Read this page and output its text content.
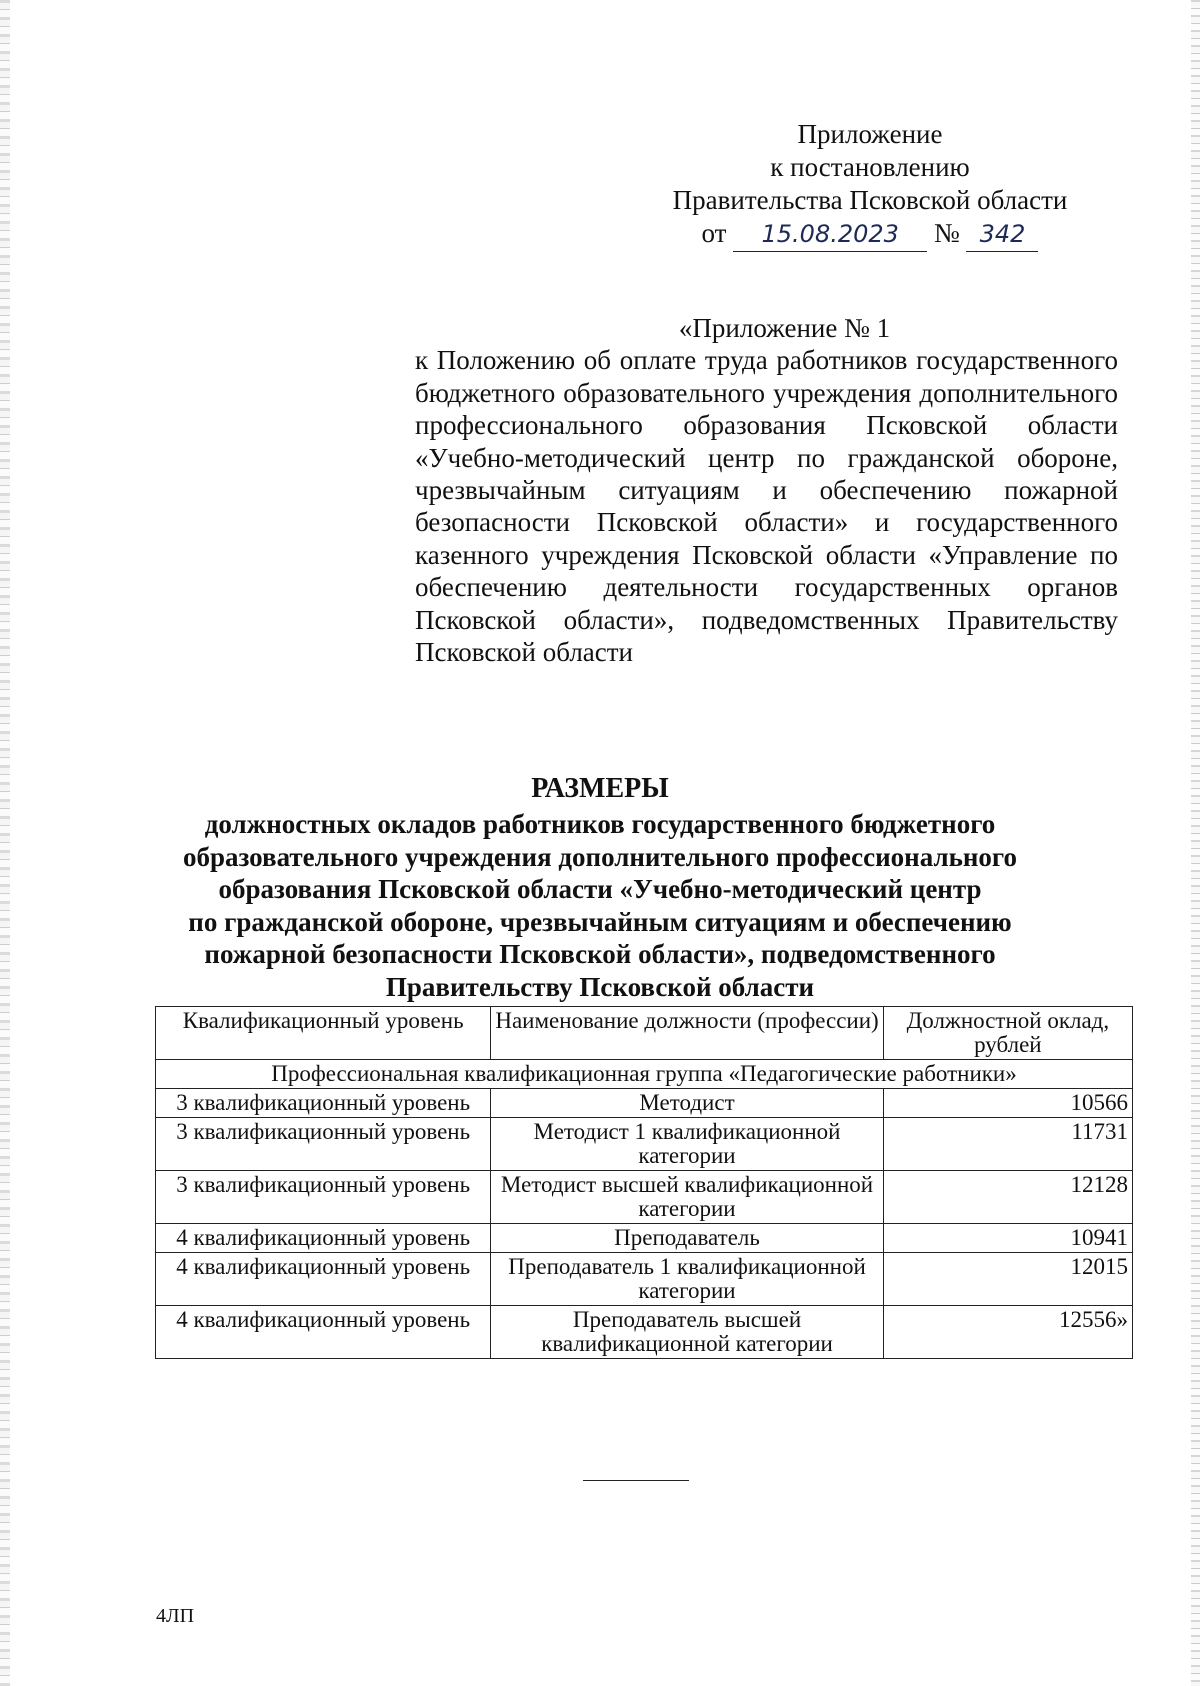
Приложение
к постановлению
Правительства Псковской области
от 15.08.2023 № 342
«Приложение № 1
к Положению об оплате труда работников государственного бюджетного образовательного учреждения дополнительного профессионального образования Псковской области «Учебно-методический центр по гражданской обороне, чрезвычайным ситуациям и обеспечению пожарной безопасности Псковской области» и государственного казенного учреждения Псковской области «Управление по обеспечению деятельности государственных органов Псковской области», подведомственных Правительству Псковской области
РАЗМЕРЫ
должностных окладов работников государственного бюджетного
образовательного учреждения дополнительного профессионального
образования Псковской области «Учебно-методический центр
по гражданской обороне, чрезвычайным ситуациям и обеспечению
пожарной безопасности Псковской области», подведомственного
Правительству Псковской области
Квалификационный уровень	Наименование должности (профессии)	Должностной оклад, рублей
Профессиональная квалификационная группа «Педагогические работники»		
3 квалификационный уровень	Методист	10566
3 квалификационный уровень	Методист 1 квалификационной категории	11731
3 квалификационный уровень	Методист высшей квалификационной категории	12128
4 квалификационный уровень	Преподаватель	10941
4 квалификационный уровень	Преподаватель 1 квалификационной категории	12015
4 квалификационный уровень	Преподаватель высшей квалификационной категории	12556»
4ЛП
